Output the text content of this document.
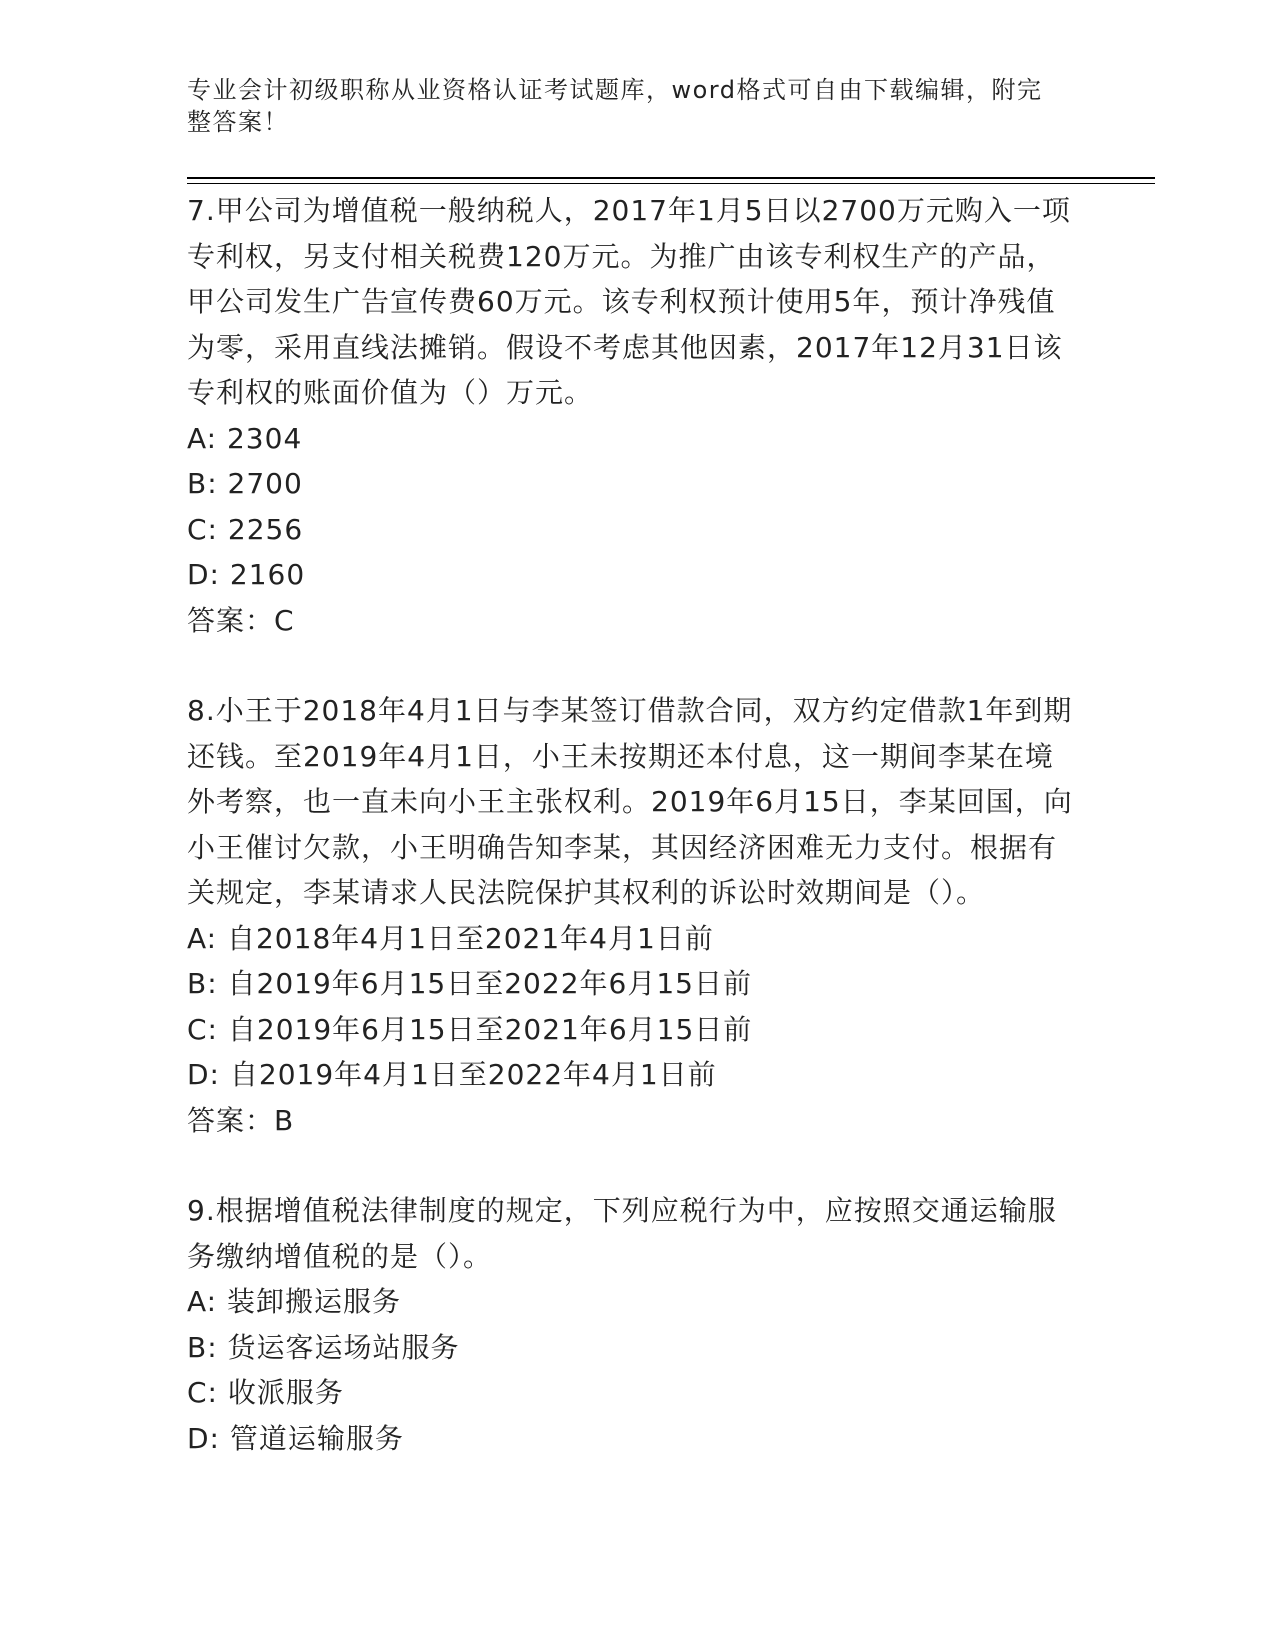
专业会计初级职称从业资格认证考试题库，word格式可自由下载编辑，附完整答案！
7.甲公司为增值税一般纳税人，2017年1月5日以2700万元购入一项专利权，另支付相关税费120万元。为推广由该专利权生产的产品，甲公司发生广告宣传费60万元。该专利权预计使用5年，预计净残值为零，采用直线法摊销。假设不考虑其他因素，2017年12月31日该专利权的账面价值为（）万元。
A: 2304
B: 2700
C: 2256
D: 2160
答案：C
8.小王于2018年4月1日与李某签订借款合同，双方约定借款1年到期还钱。至2019年4月1日，小王未按期还本付息，这一期间李某在境外考察，也一直未向小王主张权利。2019年6月15日，李某回国，向小王催讨欠款，小王明确告知李某，其因经济困难无力支付。根据有关规定，李某请求人民法院保护其权利的诉讼时效期间是（）。
A: 自2018年4月1日至2021年4月1日前
B: 自2019年6月15日至2022年6月15日前
C: 自2019年6月15日至2021年6月15日前
D: 自2019年4月1日至2022年4月1日前
答案：B
9.根据增值税法律制度的规定，下列应税行为中，应按照交通运输服务缴纳增值税的是（）。
A: 装卸搬运服务
B: 货运客运场站服务
C: 收派服务
D: 管道运输服务
